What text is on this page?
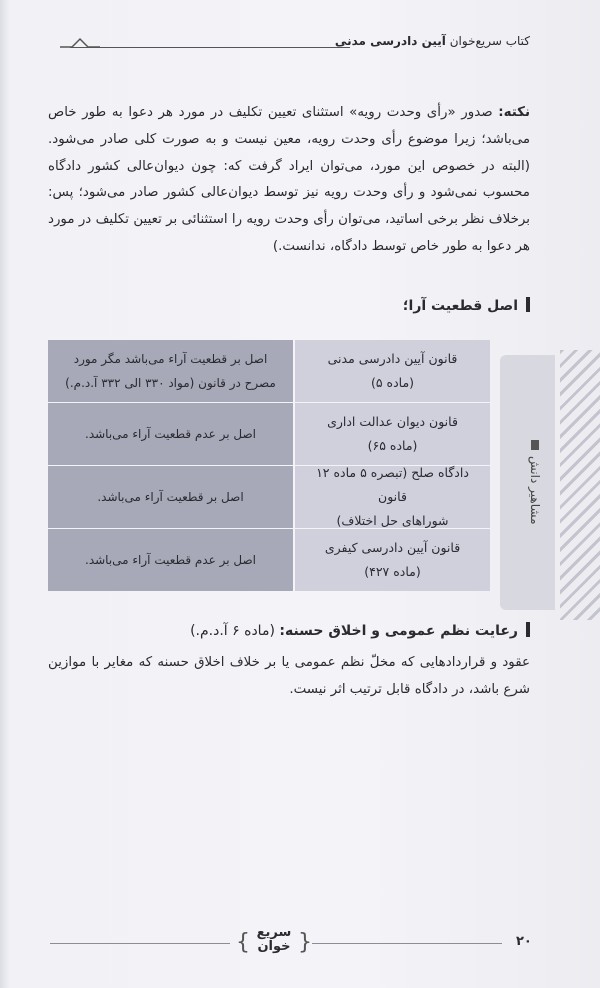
کتاب سریع‌خوان آیین دادرسی مدنی
نکته: صدور «رأی وحدت رویه» استثنای تعیین تکلیف در مورد هر دعوا به طور خاص می‌باشد؛ زیرا موضوع رأی وحدت رویه، معین نیست و به صورت کلی صادر می‌شود. (البته در خصوص این مورد، می‌توان ایراد گرفت که: چون دیوان‌عالی کشور دادگاه محسوب نمی‌شود و رأی وحدت رویه نیز توسط دیوان‌عالی کشور صادر می‌شود؛ پس: برخلاف نظر برخی اساتید، می‌توان رأی وحدت رویه را استثنائی بر تعیین تکلیف در مورد هر دعوا به طور خاص توسط دادگاه، ندانست.)
اصل قطعیت آرا؛
اصل بر قطعیت آراء می‌باشد مگر مورد مصرح در قانون (مواد ۳۳۰ الی ۳۳۲ آ.د.م.)
قانون آیین دادرسی مدنی
(ماده ۵)
اصل بر عدم قطعیت آراء می‌باشد.
قانون دیوان عدالت اداری
(ماده ۶۵)
اصل بر قطعیت آراء می‌باشد.
دادگاه صلح (تبصره ۵ ماده ۱۲ قانون
شوراهای حل اختلاف)
اصل بر عدم قطعیت آراء می‌باشد.
قانون آیین دادرسی کیفری
(ماده ۴۲۷)
مشاهیر دانش
رعایت نظم عمومی و اخلاق حسنه: (ماده ۶ آ.د.م.)
عقود و قراردادهایی که مخلّ نظم عمومی یا بر خلاف اخلاق حسنه که مغایر با موازین شرع باشد، در دادگاه قابل ترتیب اثر نیست.
{ سریع
خوان }	۲۰
